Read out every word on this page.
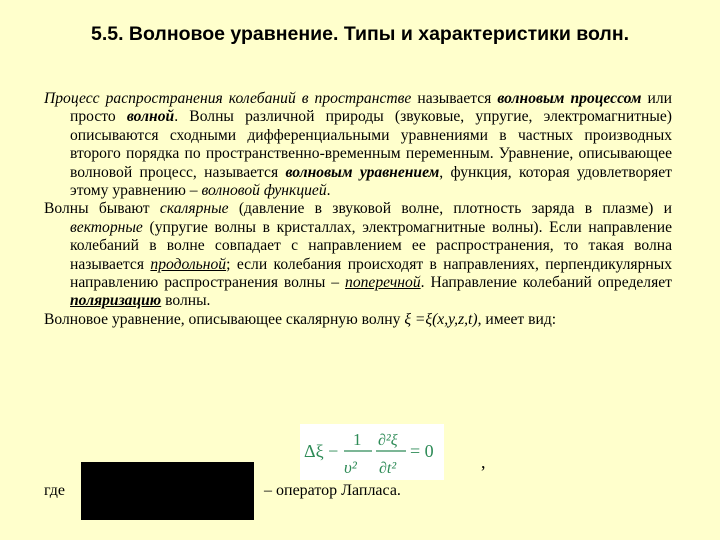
5.5. Волновое уравнение. Типы и характеристики волн.

Процесс распространения колебаний в пространстве называется волновым процессом или просто волной. Волны различной природы (звуковые, упругие, электромагнитные) описываются сходными дифференциальными уравнениями в частных производных второго порядка по пространственно-временным переменным. Уравнение, описывающее волновой процесс, называется волновым уравнением, функция, которая удовлетворяет этому уравнению – волновой функцией.

Волны бывают скалярные (давление в звуковой волне, плотность заряда в плазме) и векторные (упругие волны в кристаллах, электромагнитные волны). Если направление колебаний в волне совпадает с направлением ее распространения, то такая волна называется продольной; если колебания происходят в направлениях, перпендикулярных направлению распространения волны – поперечной. Направление колебаний определяет поляризацию волны.

Волновое уравнение, описывающее скалярную волну ξ =ξ(x,y,z,t), имеет вид:

Δξ −
1
υ²
∂²ξ
∂t²
= 0
,
где	– оператор Лапласа.
